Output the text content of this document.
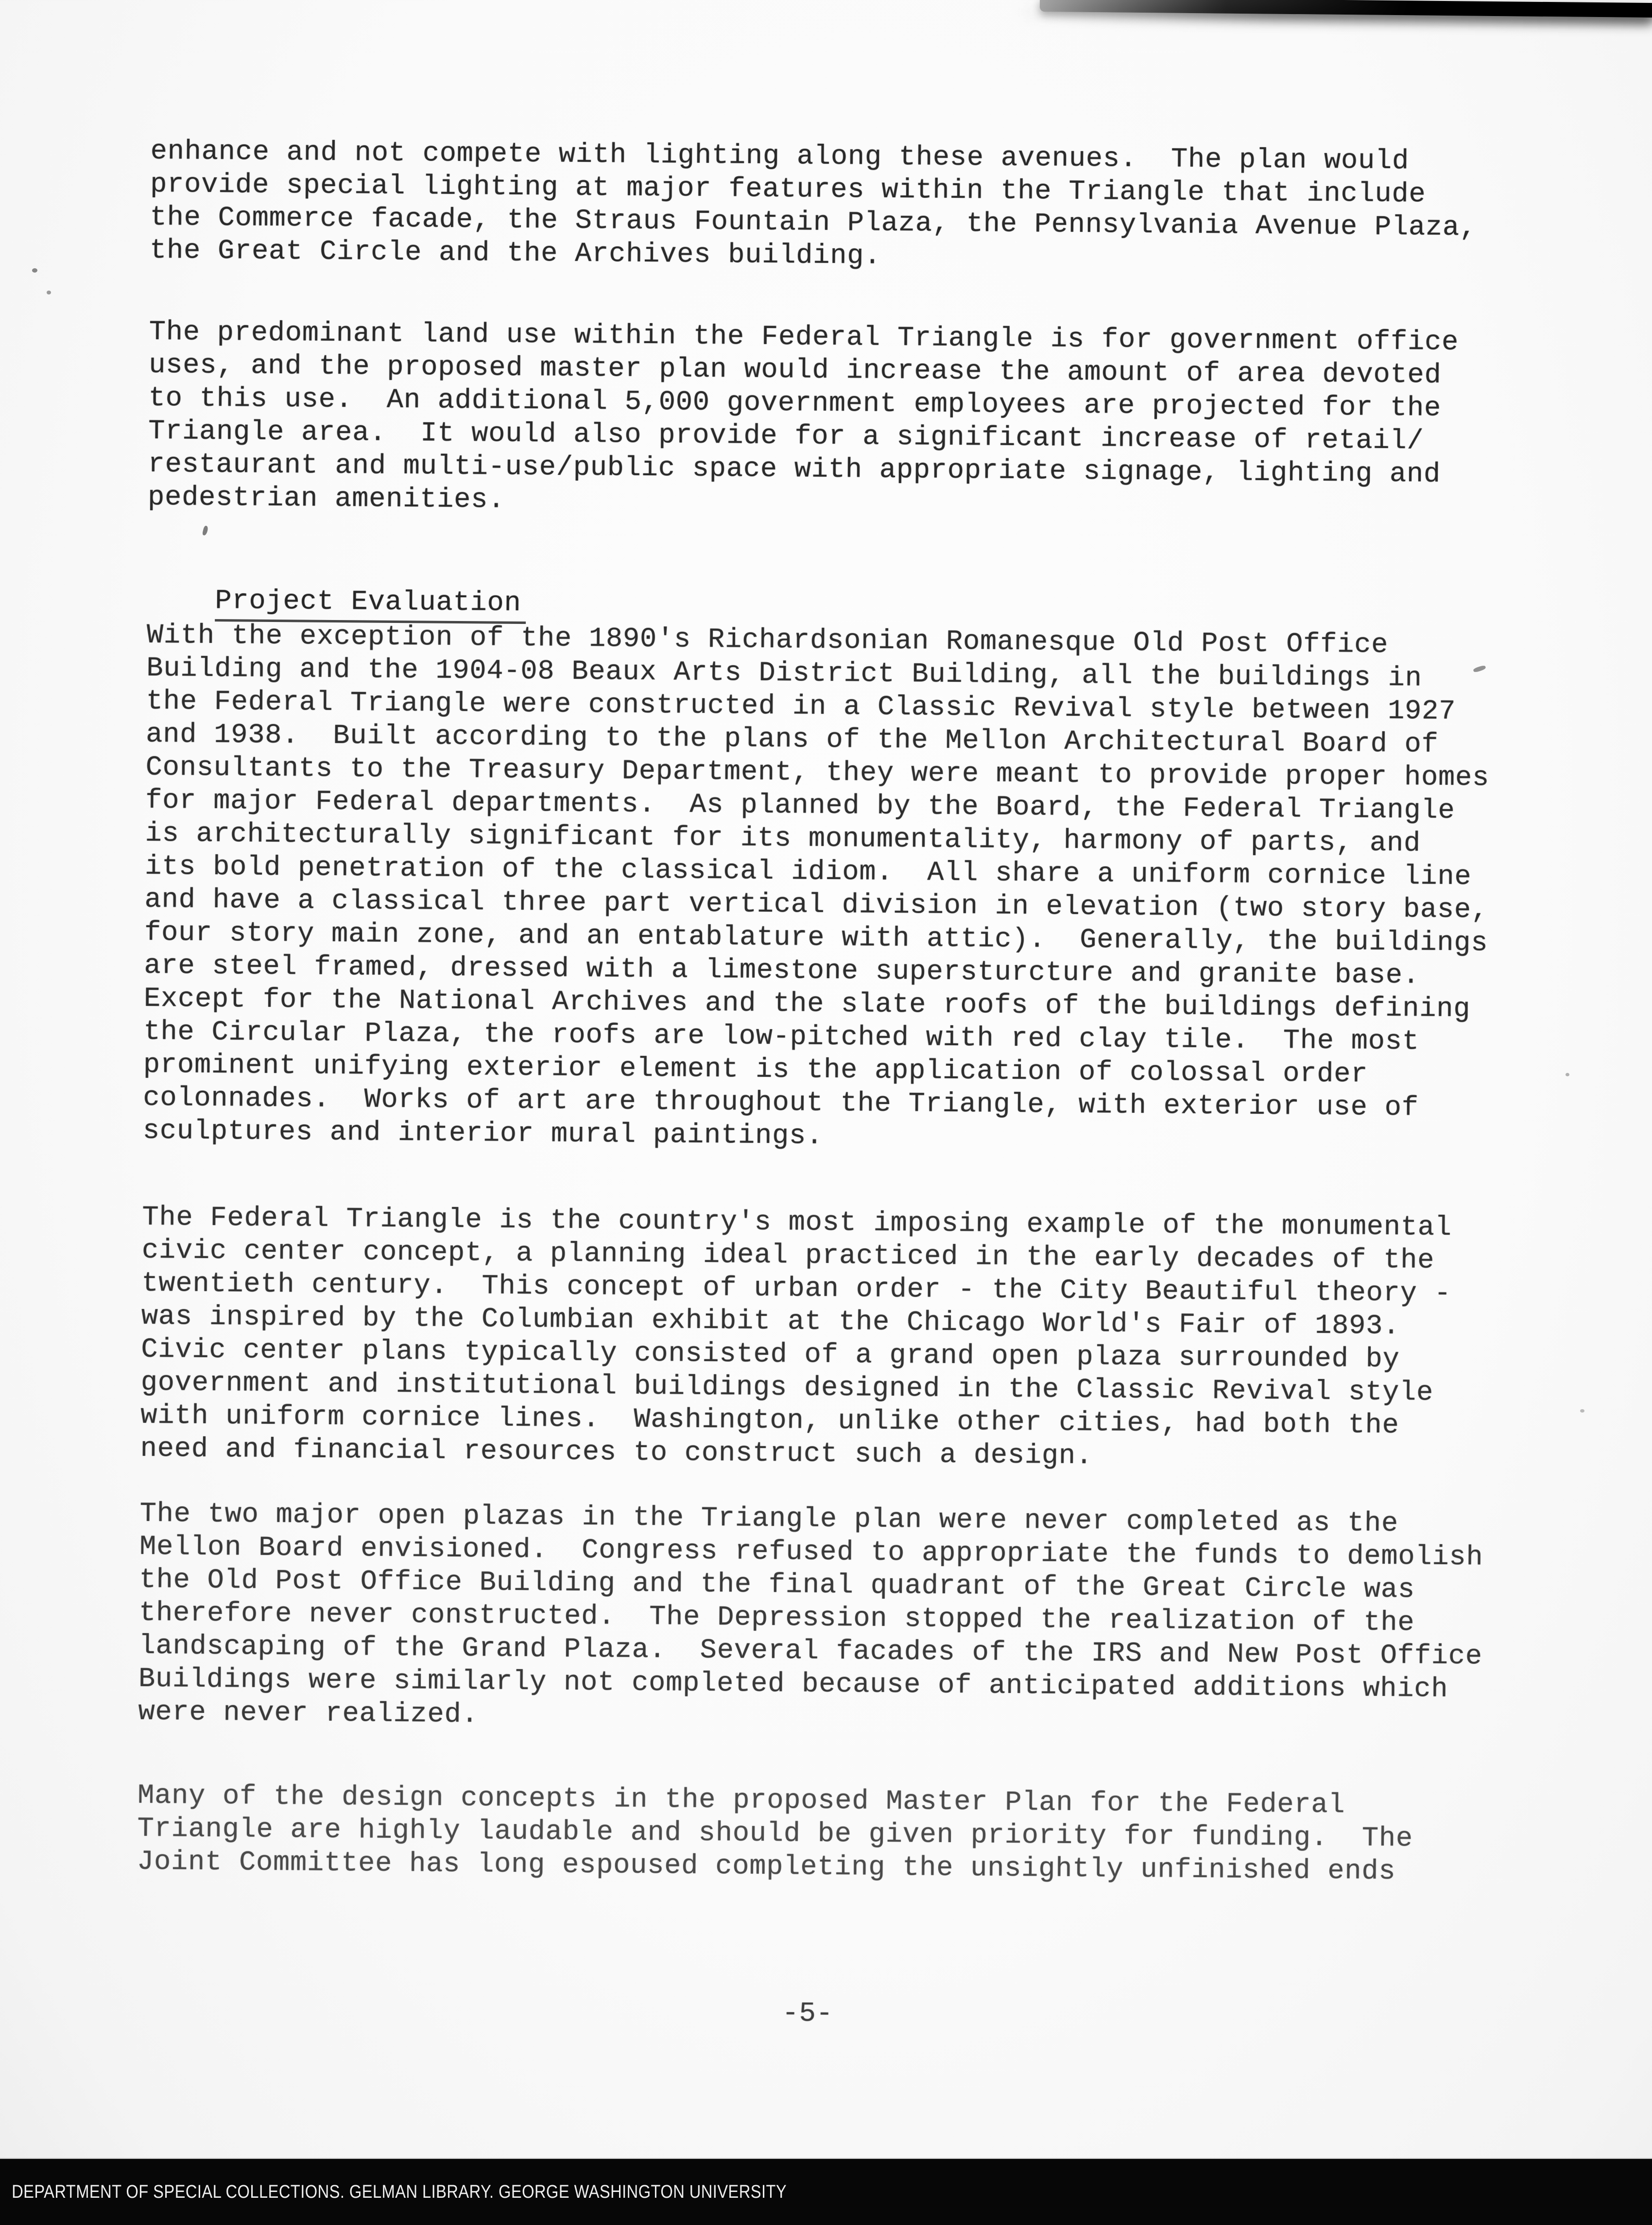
enhance and not compete with lighting along these avenues.  The plan would
provide special lighting at major features within the Triangle that include
the Commerce facade, the Straus Fountain Plaza, the Pennsylvania Avenue Plaza,
the Great Circle and the Archives building.
The predominant land use within the Federal Triangle is for government office
uses, and the proposed master plan would increase the amount of area devoted
to this use.  An additional 5,000 government employees are projected for the
Triangle area.  It would also provide for a significant increase of retail/
restaurant and multi-use/public space with appropriate signage, lighting and
pedestrian amenities.

Project Evaluation

With the exception of the 1890's Richardsonian Romanesque Old Post Office
Building and the 1904-08 Beaux Arts District Building, all the buildings in
the Federal Triangle were constructed in a Classic Revival style between 1927
and 1938.  Built according to the plans of the Mellon Architectural Board of
Consultants to the Treasury Department, they were meant to provide proper homes
for major Federal departments.  As planned by the Board, the Federal Triangle
is architecturally significant for its monumentality, harmony of parts, and
its bold penetration of the classical idiom.  All share a uniform cornice line
and have a classical three part vertical division in elevation (two story base,
four story main zone, and an entablature with attic).  Generally, the buildings
are steel framed, dressed with a limestone supersturcture and granite base.
Except for the National Archives and the slate roofs of the buildings defining
the Circular Plaza, the roofs are low-pitched with red clay tile.  The most
prominent unifying exterior element is the application of colossal order
colonnades.  Works of art are throughout the Triangle, with exterior use of
sculptures and interior mural paintings.
The Federal Triangle is the country's most imposing example of the monumental
civic center concept, a planning ideal practiced in the early decades of the
twentieth century.  This concept of urban order - the City Beautiful theory -
was inspired by the Columbian exhibit at the Chicago World's Fair of 1893.
Civic center plans typically consisted of a grand open plaza surrounded by
government and institutional buildings designed in the Classic Revival style
with uniform cornice lines.  Washington, unlike other cities, had both the
need and financial resources to construct such a design.
The two major open plazas in the Triangle plan were never completed as the
Mellon Board envisioned.  Congress refused to appropriate the funds to demolish
the Old Post Office Building and the final quadrant of the Great Circle was
therefore never constructed.  The Depression stopped the realization of the
landscaping of the Grand Plaza.  Several facades of the IRS and New Post Office
Buildings were similarly not completed because of anticipated additions which
were never realized.
Many of the design concepts in the proposed Master Plan for the Federal
Triangle are highly laudable and should be given priority for funding.  The
Joint Committee has long espoused completing the unsightly unfinished ends
-5-
DEPARTMENT OF SPECIAL COLLECTIONS. GELMAN LIBRARY. GEORGE WASHINGTON UNIVERSITY
